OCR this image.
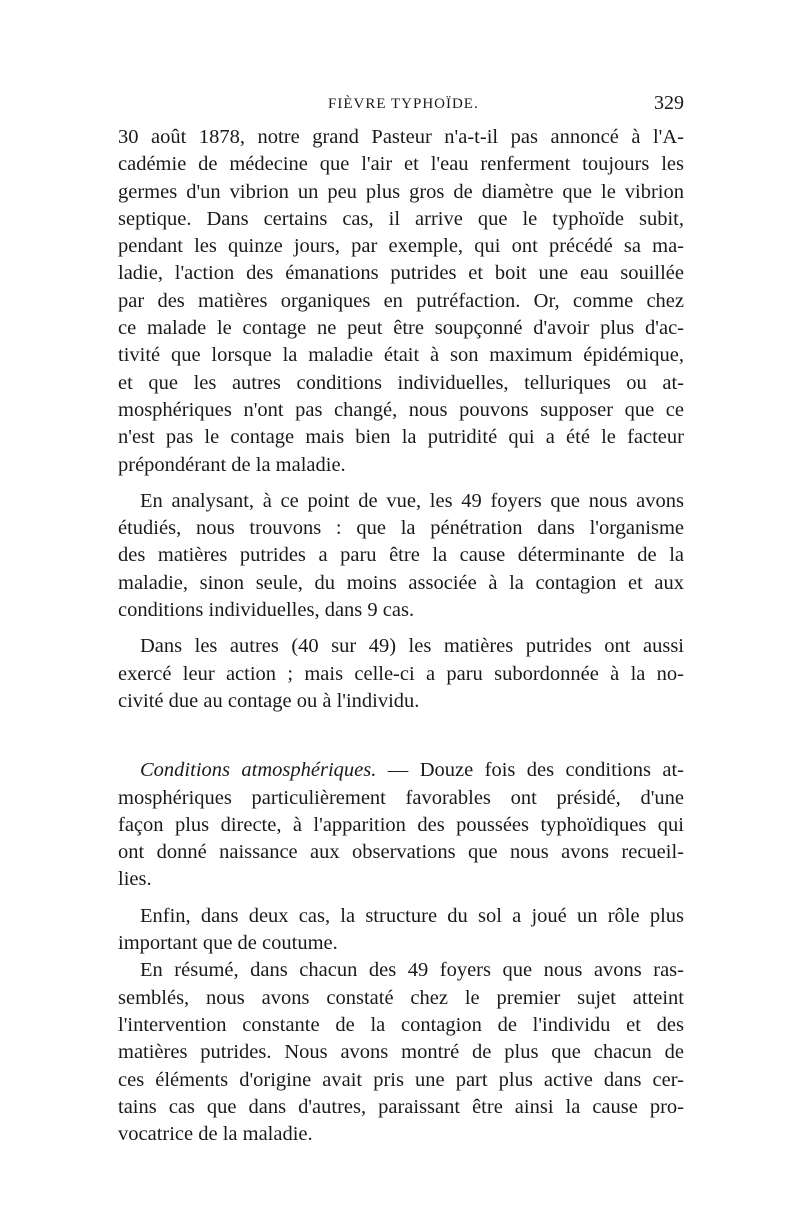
FIÈVRE TYPHOÏDE.	329

30 août 1878, notre grand Pasteur n'a-t-il pas annoncé à l'A-
cadémie de médecine que l'air et l'eau renferment toujours les
germes d'un vibrion un peu plus gros de diamètre que le vibrion
septique. Dans certains cas, il arrive que le typhoïde subit,
pendant les quinze jours, par exemple, qui ont précédé sa ma-
ladie, l'action des émanations putrides et boit une eau souillée
par des matières organiques en putréfaction. Or, comme chez
ce malade le contage ne peut être soupçonné d'avoir plus d'ac-
tivité que lorsque la maladie était à son maximum épidémique,
et que les autres conditions individuelles, telluriques ou at-
mosphériques n'ont pas changé, nous pouvons supposer que ce
n'est pas le contage mais bien la putridité qui a été le facteur
prépondérant de la maladie.

En analysant, à ce point de vue, les 49 foyers que nous avons
étudiés, nous trouvons : que la pénétration dans l'organisme
des matières putrides a paru être la cause déterminante de la
maladie, sinon seule, du moins associée à la contagion et aux
conditions individuelles, dans 9 cas.

Dans les autres (40 sur 49) les matières putrides ont aussi
exercé leur action ; mais celle-ci a paru subordonnée à la no-
civité due au contage ou à l'individu.

Conditions atmosphériques. — Douze fois des conditions at-
mosphériques particulièrement favorables ont présidé, d'une
façon plus directe, à l'apparition des poussées typhoïdiques qui
ont donné naissance aux observations que nous avons recueil-
lies.

Enfin, dans deux cas, la structure du sol a joué un rôle plus
important que de coutume.

En résumé, dans chacun des 49 foyers que nous avons ras-
semblés, nous avons constaté chez le premier sujet atteint
l'intervention constante de la contagion de l'individu et des
matières putrides. Nous avons montré de plus que chacun de
ces éléments d'origine avait pris une part plus active dans cer-
tains cas que dans d'autres, paraissant être ainsi la cause pro-
vocatrice de la maladie.
